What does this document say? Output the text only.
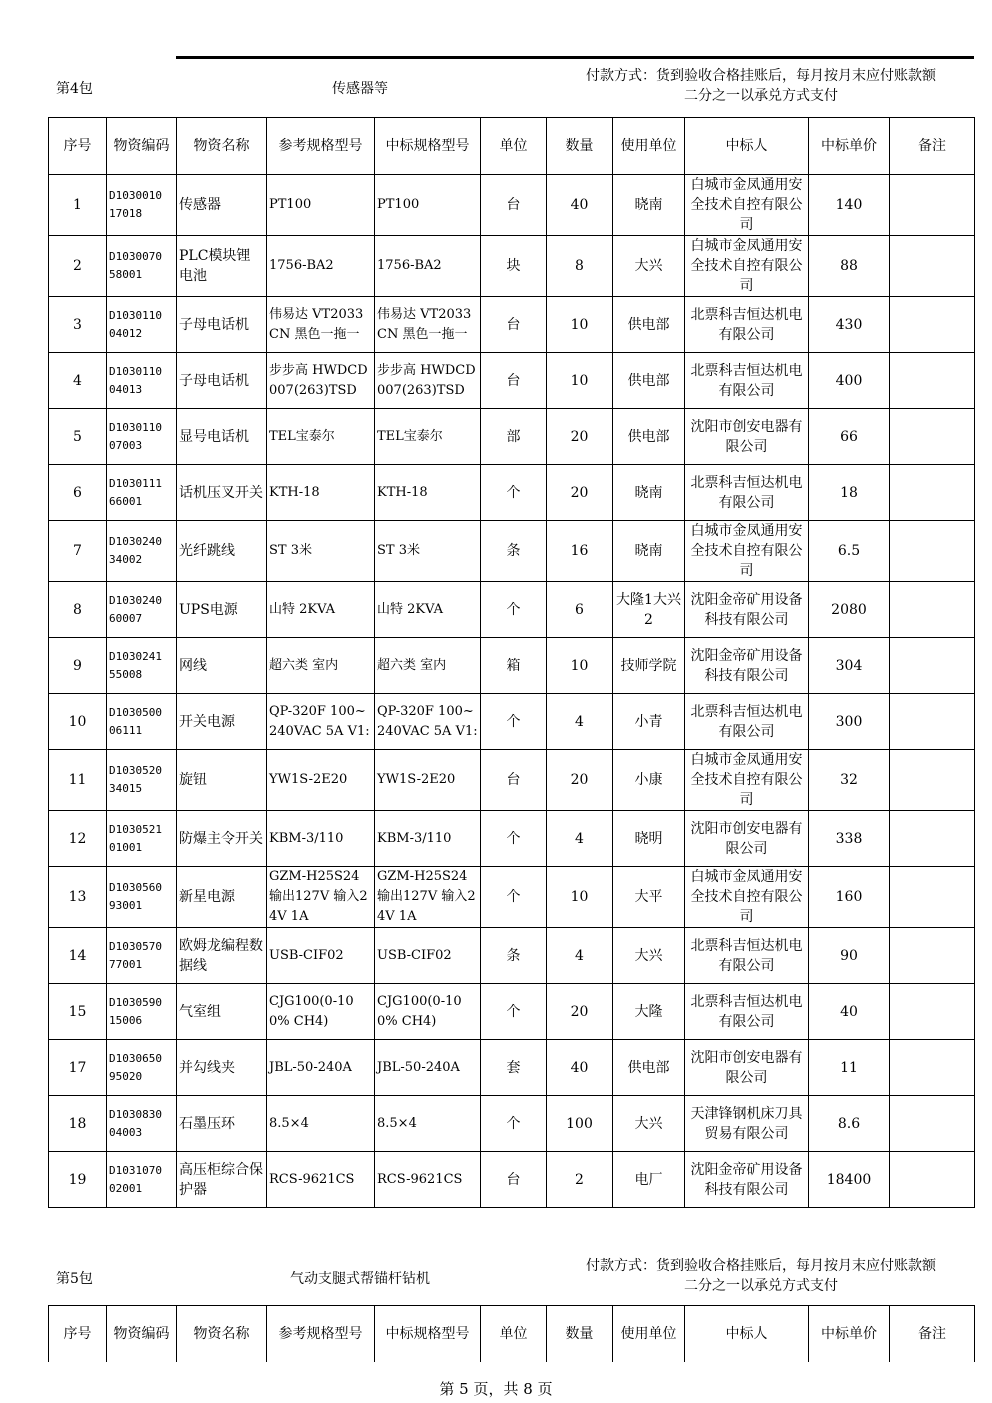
第4包	传感器等
付款方式：货到验收合格挂账后，每月按月末应付账款额
二分之一以承兑方式支付
序号	物资编码	物资名称	参考规格型号	中标规格型号	单位	数量	使用单位	中标人	中标单价	备注
1	D1030010 17018	传感器	PT100	PT100	台	40	晓南	白城市金凤通用安全技术自控有限公司	140	
2	D1030070 58001	PLC模块锂电池	1756-BA2	1756-BA2	块	8	大兴	白城市金凤通用安全技术自控有限公司	88	
3	D1030110 04012	子母电话机	伟易达 VT2033CN 黑色一拖一	伟易达 VT2033CN 黑色一拖一	台	10	供电部	北票科吉恒达机电有限公司	430	
4	D1030110 04013	子母电话机	步步高 HWDCD007(263)TSD	步步高 HWDCD007(263)TSD	台	10	供电部	北票科吉恒达机电有限公司	400	
5	D1030110 07003	显号电话机	TEL宝泰尔	TEL宝泰尔	部	20	供电部	沈阳市创安电器有限公司	66	
6	D1030111 66001	话机压叉开关	KTH-18	KTH-18	个	20	晓南	北票科吉恒达机电有限公司	18	
7	D1030240 34002	光纤跳线	ST 3米	ST 3米	条	16	晓南	白城市金凤通用安全技术自控有限公司	6.5	
8	D1030240 60007	UPS电源	山特 2KVA	山特 2KVA	个	6	大隆1大兴2	沈阳金帝矿用设备科技有限公司	2080	
9	D1030241 55008	网线	超六类 室内	超六类 室内	箱	10	技师学院	沈阳金帝矿用设备科技有限公司	304	
10	D1030500 06111	开关电源	QP-320F 100~240VAC 5A V1:	QP-320F 100~240VAC 5A V1:	个	4	小青	北票科吉恒达机电有限公司	300	
11	D1030520 34015	旋钮	YW1S-2E20	YW1S-2E20	台	20	小康	白城市金凤通用安全技术自控有限公司	32	
12	D1030521 01001	防爆主令开关	KBM-3/110	KBM-3/110	个	4	晓明	沈阳市创安电器有限公司	338	
13	D1030560 93001	新星电源	GZM-H25S24 输出127V 输入24V 1A	GZM-H25S24 输出127V 输入24V 1A	个	10	大平	白城市金凤通用安全技术自控有限公司	160	
14	D1030570 77001	欧姆龙编程数据线	USB-CIF02	USB-CIF02	条	4	大兴	北票科吉恒达机电有限公司	90	
15	D1030590 15006	气室组	CJG100(0-100% CH4)	CJG100(0-100% CH4)	个	20	大隆	北票科吉恒达机电有限公司	40	
17	D1030650 95020	并勾线夹	JBL-50-240A	JBL-50-240A	套	40	供电部	沈阳市创安电器有限公司	11	
18	D1030830 04003	石墨压环	8.5×4	8.5×4	个	100	大兴	天津锋钢机床刀具贸易有限公司	8.6	
19	D1031070 02001	高压柜综合保护器	RCS-9621CS	RCS-9621CS	台	2	电厂	沈阳金帝矿用设备科技有限公司	18400	
第5包	气动支腿式帮锚杆钻机
付款方式：货到验收合格挂账后，每月按月末应付账款额
二分之一以承兑方式支付
序号	物资编码	物资名称	参考规格型号	中标规格型号	单位	数量	使用单位	中标人	中标单价	备注
第 5 页，共 8 页
